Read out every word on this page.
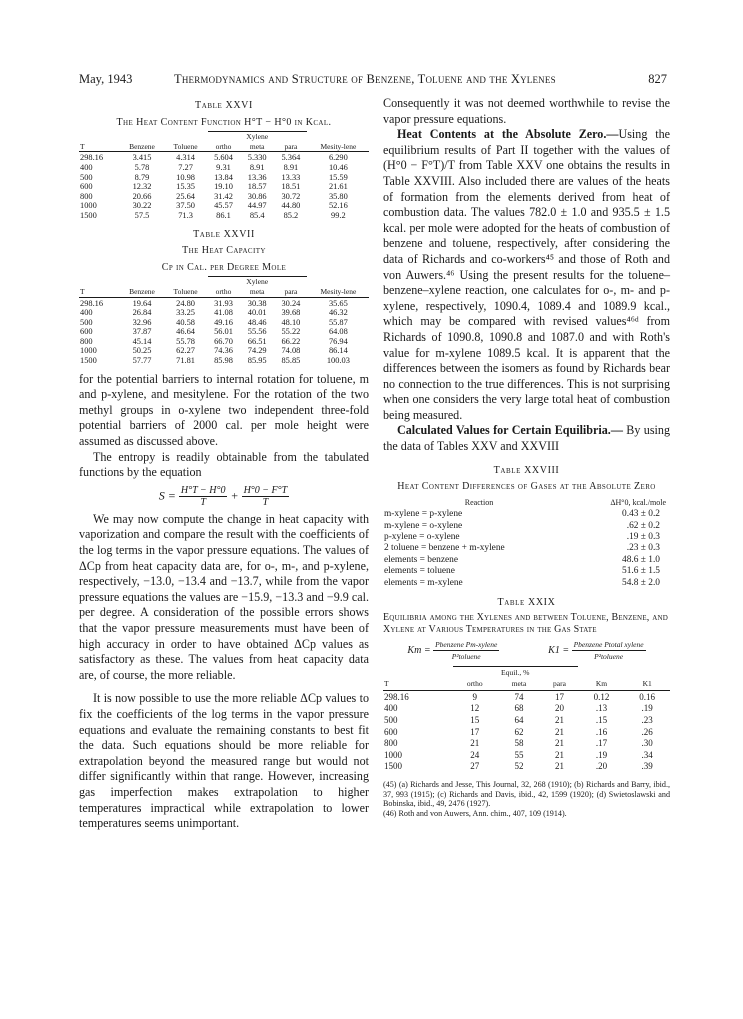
May, 1943	Thermodynamics and Structure of Benzene, Toluene and the Xylenes	827
Table XXVI
The Heat Content Function H°T − H°0 in Kcal.
			Xylene			
T	Benzene	Toluene	ortho	meta	para	Mesity-lene
298.16	3.415	4.314	5.604	5.330	5.364	6.290
400	5.78	7.27	9.31	8.91	8.91	10.46
500	8.79	10.98	13.84	13.36	13.33	15.59
600	12.32	15.35	19.10	18.57	18.51	21.61
800	20.66	25.64	31.42	30.86	30.72	35.80
1000	30.22	37.50	45.57	44.97	44.80	52.16
1500	57.5	71.3	86.1	85.4	85.2	99.2
Table XXVII
The Heat Capacity
Cp in Cal. per Degree Mole
			Xylene			
T	Benzene	Toluene	ortho	meta	para	Mesity-lene
298.16	19.64	24.80	31.93	30.38	30.24	35.65
400	26.84	33.25	41.08	40.01	39.68	46.32
500	32.96	40.58	49.16	48.46	48.10	55.87
600	37.87	46.64	56.01	55.56	55.22	64.08
800	45.14	55.78	66.70	66.51	66.22	76.94
1000	50.25	62.27	74.36	74.29	74.08	86.14
1500	57.77	71.81	85.98	85.95	85.85	100.03

for the potential barriers to internal rotation for toluene, m and p-xylene, and mesitylene. For the rotation of the two methyl groups in o-xylene two independent three-fold potential barriers of 2000 cal. per mole height were assumed as discussed above.

The entropy is readily obtainable from the tabulated functions by the equation

$S = \frac{H^\circ T - H^\circ 0}{T} + \frac{H^\circ 0 - F^\circ T}{T}$

We may now compute the change in heat capacity with vaporization and compare the result with the coefficients of the log terms in the vapor pressure equations. The values of ΔCp from heat capacity data are, for o-, m-, and p-xylene, respectively, −13.0, −13.4 and −13.7, while from the vapor pressure equations the values are −15.9, −13.3 and −9.9 cal. per degree. A consideration of the possible errors shows that the vapor pressure measurements must have been of high accuracy in order to have obtained ΔCp values as satisfactory as these. The values from heat capacity data are, of course, the more reliable.

It is now possible to use the more reliable ΔCp values to fix the coefficients of the log terms in the vapor pressure equations and evaluate the remaining constants to best fit the data. Such equations should be more reliable for extrapolation beyond the measured range but would not differ significantly within that range. However, increasing gas imperfection makes extrapolation to higher temperatures impractical while extrapolation to lower temperatures seems unimportant.

Consequently it was not deemed worthwhile to revise the vapor pressure equations.

Heat Contents at the Absolute Zero.—Using the equilibrium results of Part II together with the values of (H°0 − F°T)/T from Table XXV one obtains the results in Table XXVIII. Also included there are values of the heats of formation from the elements derived from heat of combustion data. The values 782.0 ± 1.0 and 935.5 ± 1.5 kcal. per mole were adopted for the heats of combustion of benzene and toluene, respectively, after considering the data of Richards and co-workers⁴⁵ and those of Roth and von Auwers.⁴⁶ Using the present results for the toluene–benzene–xylene reaction, one calculates for o-, m- and p-xylene, respectively, 1090.4, 1089.4 and 1089.9 kcal., which may be compared with revised values⁴⁶ᵈ from Richards of 1090.8, 1090.8 and 1087.0 and with Roth's value for m-xylene 1089.5 kcal. It is apparent that the differences between the isomers as found by Richards bear no connection to the true differences. This is not surprising when one considers the very large total heat of combustion being measured.

Calculated Values for Certain Equilibria.— By using the data of Tables XXV and XXVIII

Table XXVIII
Heat Content Differences of Gases at the Absolute Zero
Reaction	ΔH°0, kcal./mole
m-xylene = p-xylene	0.43 ± 0.2
m-xylene = o-xylene	.62 ± 0.2
p-xylene = o-xylene	.19 ± 0.3
2 toluene = benzene + m-xylene	.23 ± 0.3
elements = benzene	48.6 ± 1.0
elements = toluene	51.6 ± 1.5
elements = m-xylene	54.8 ± 2.0
Table XXIX
Equilibria among the Xylenes and between Toluene, Benzene, and Xylene at Various Temperatures in the Gas State
$Km = \frac{\text{Pbenzene Pm-xylene}}{\text{P²toluene}}$	$K1 = \frac{\text{Pbenzene Ptotal xylene}}{\text{P²toluene}}$
	Equil., %				
T	ortho	meta	para	Km	K1
298.16	9	74	17	0.12	0.16
400	12	68	20	.13	.19
500	15	64	21	.15	.23
600	17	62	21	.16	.26
800	21	58	21	.17	.30
1000	24	55	21	.19	.34
1500	27	52	21	.20	.39

(45) (a) Richards and Jesse, This Journal, 32, 268 (1910); (b) Richards and Barry, ibid., 37, 993 (1915); (c) Richards and Davis, ibid., 42, 1599 (1920); (d) Swietoslawski and Bobinska, ibid., 49, 2476 (1927).

(46) Roth and von Auwers, Ann. chim., 407, 109 (1914).
